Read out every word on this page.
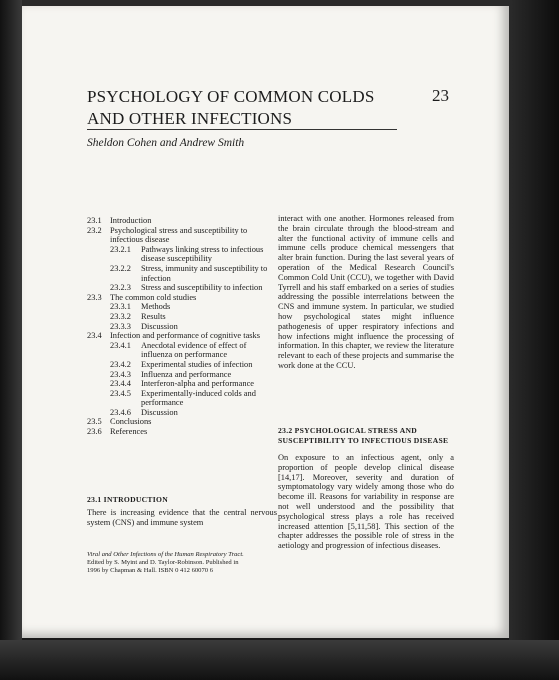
23
PSYCHOLOGY OF COMMON COLDS
AND OTHER INFECTIONS
Sheldon Cohen and Andrew Smith
23.1 Introduction
23.2 Psychological stress and susceptibility to infectious disease
23.2.1	Pathways linking stress to infectious disease susceptibility
23.2.2	Stress, immunity and susceptibility to infection
23.2.3	Stress and susceptibility to infection
23.3 The common cold studies
23.3.1	Methods
23.3.2	Results
23.3.3	Discussion
23.4 Infection and performance of cognitive tasks
23.4.1	Anecdotal evidence of effect of influenza on performance
23.4.2	Experimental studies of infection
23.4.3	Influenza and performance
23.4.4	Interferon-alpha and performance
23.4.5	Experimentally-induced colds and performance
23.4.6	Discussion
23.5 Conclusions
23.6 References
23.1 INTRODUCTION

There is increasing evidence that the central nervous system (CNS) and immune system

interact with one another. Hormones released from the brain circulate through the blood-stream and alter the functional activity of immune cells and immune cells produce chemical messengers that alter brain function. During the last several years of operation of the Medical Research Council's Common Cold Unit (CCU), we together with David Tyrrell and his staff embarked on a series of studies addressing the possible interrelations between the CNS and immune system. In particular, we studied how psychological states might influence pathogenesis of upper respiratory infections and how infections might influence the processing of information. In this chapter, we review the literature relevant to each of these projects and summarise the work done at the CCU.

23.2 PSYCHOLOGICAL STRESS AND
SUSCEPTIBILITY TO INFECTIOUS DISEASE

On exposure to an infectious agent, only a proportion of people develop clinical disease [14,17]. Moreover, severity and duration of symptomatology vary widely among those who do become ill. Reasons for variability in response are not well understood and the possibility that psychological stress plays a role has received increased attention [5,11,58]. This section of the chapter addresses the possible role of stress in the aetiology and progression of infectious diseases.

Viral and Other Infections of the Human Respiratory Tract.
Edited by S. Myint and D. Taylor-Robinson. Published in
1996 by Chapman & Hall. ISBN 0 412 60070 6
